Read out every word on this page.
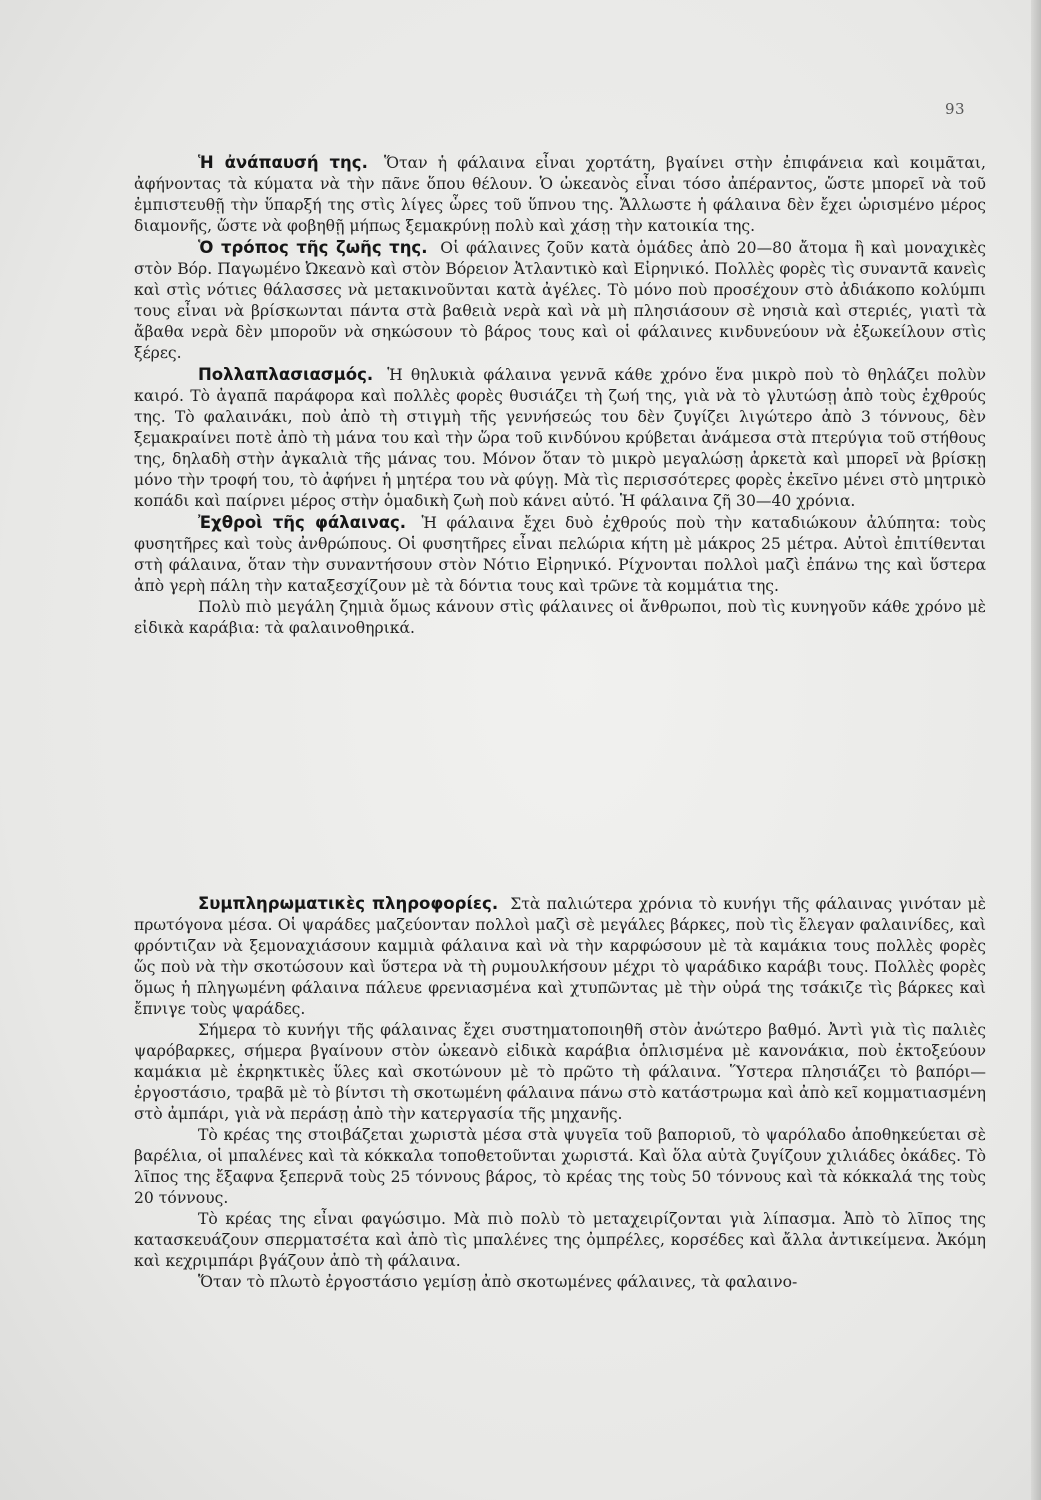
93

Ἡ ἀνάπαυσή της. Ὅταν ἡ φάλαινα εἶναι χορτάτη, βγαίνει στὴν ἐπιφάνεια καὶ κοιμᾶται, ἀφήνοντας τὰ κύματα νὰ τὴν πᾶνε ὅπου θέλουν. Ὁ ὠκεανὸς εἶναι τόσο ἀπέραντος, ὥστε μπορεῖ νὰ τοῦ ἐμπιστευθῇ τὴν ὕπαρξή της στὶς λίγες ὧρες τοῦ ὕπνου της. Ἄλλωστε ἡ φάλαινα δὲν ἔχει ὡρισμένο μέρος διαμονῆς, ὥστε νὰ φοβηθῇ μήπως ξεμακρύνῃ πολὺ καὶ χάσῃ τὴν κατοικία της.

Ὁ τρόπος τῆς ζωῆς της. Οἱ φάλαινες ζοῦν κατὰ ὁμάδες ἀπὸ 20—80 ἄτομα ἢ καὶ μοναχικὲς στὸν Βόρ. Παγωμένο Ὠκεανὸ καὶ στὸν Βόρειον Ἀτλαντικὸ καὶ Εἰρηνικό. Πολλὲς φορὲς τὶς συναντᾶ κανεὶς καὶ στὶς νότιες θάλασσες νὰ μετακινοῦνται κατὰ ἀγέλες. Τὸ μόνο ποὺ προσέχουν στὸ ἀδιάκοπο κολύμπι τους εἶναι νὰ βρίσκωνται πάντα στὰ βαθειὰ νερὰ καὶ νὰ μὴ πλησιάσουν σὲ νησιὰ καὶ στεριές, γιατὶ τὰ ἄβαθα νερὰ δὲν μποροῦν νὰ σηκώσουν τὸ βάρος τους καὶ οἱ φάλαινες κινδυνεύουν νὰ ἐξωκείλουν στὶς ξέρες.

Πολλαπλασιασμός. Ἡ θηλυκιὰ φάλαινα γεννᾶ κάθε χρόνο ἕνα μικρὸ ποὺ τὸ θηλάζει πολὺν καιρό. Τὸ ἀγαπᾶ παράφορα καὶ πολλὲς φορὲς θυσιάζει τὴ ζωή της, γιὰ νὰ τὸ γλυτώσῃ ἀπὸ τοὺς ἐχθρούς της. Τὸ φαλαινάκι, ποὺ ἀπὸ τὴ στιγμὴ τῆς γεννήσεώς του δὲν ζυγίζει λιγώτερο ἀπὸ 3 τόννους, δὲν ξεμακραίνει ποτὲ ἀπὸ τὴ μάνα του καὶ τὴν ὥρα τοῦ κινδύνου κρύβεται ἀνάμεσα στὰ πτερύγια τοῦ στήθους της, δηλαδὴ στὴν ἀγκαλιὰ τῆς μάνας του. Μόνον ὅταν τὸ μικρὸ μεγαλώσῃ ἀρκετὰ καὶ μπορεῖ νὰ βρίσκῃ μόνο τὴν τροφή του, τὸ ἀφήνει ἡ μητέρα του νὰ φύγῃ. Μὰ τὶς περισσότερες φορὲς ἐκεῖνο μένει στὸ μητρικὸ κοπάδι καὶ παίρνει μέρος στὴν ὁμαδικὴ ζωὴ ποὺ κάνει αὐτό. Ἡ φάλαινα ζῆ 30—40 χρόνια.

Ἐχθροὶ τῆς φάλαινας. Ἡ φάλαινα ἔχει δυὸ ἐχθρούς ποὺ τὴν καταδιώκουν ἀλύπητα: τοὺς φυσητῆρες καὶ τοὺς ἀνθρώπους. Οἱ φυσητῆρες εἶναι πελώρια κήτη μὲ μάκρος 25 μέτρα. Αὐτοὶ ἐπιτίθενται στὴ φάλαινα, ὅταν τὴν συναντήσουν στὸν Νότιο Εἰρηνικό. Ρίχνονται πολλοὶ μαζὶ ἐπάνω της καὶ ὕστερα ἀπὸ γερὴ πάλη τὴν καταξεσχίζουν μὲ τὰ δόντια τους καὶ τρῶνε τὰ κομμάτια της.

Πολὺ πιὸ μεγάλη ζημιὰ ὅμως κάνουν στὶς φάλαινες οἱ ἄνθρωποι, ποὺ τὶς κυνηγοῦν κάθε χρόνο μὲ εἰδικὰ καράβια: τὰ φαλαινοθηρικά.

Συμπληρωματικὲς πληροφορίες. Στὰ παλιώτερα χρόνια τὸ κυνήγι τῆς φάλαινας γινόταν μὲ πρωτόγονα μέσα. Οἱ ψαράδες μαζεύονταν πολλοὶ μαζὶ σὲ μεγάλες βάρκες, ποὺ τὶς ἔλεγαν φαλαινίδες, καὶ φρόντιζαν νὰ ξεμοναχιάσουν καμμιὰ φάλαινα καὶ νὰ τὴν καρφώσουν μὲ τὰ καμάκια τους πολλὲς φορὲς ὥς ποὺ νὰ τὴν σκοτώσουν καὶ ὕστερα νὰ τὴ ρυμουλκήσουν μέχρι τὸ ψαράδικο καράβι τους. Πολλὲς φορὲς ὅμως ἡ πληγωμένη φάλαινα πάλευε φρενιασμένα καὶ χτυπῶντας μὲ τὴν οὐρά της τσάκιζε τὶς βάρκες καὶ ἔπνιγε τοὺς ψαράδες.

Σήμερα τὸ κυνήγι τῆς φάλαινας ἔχει συστηματοποιηθῆ στὸν ἀνώτερο βαθμό. Ἀντὶ γιὰ τὶς παλιὲς ψαρόβαρκες, σήμερα βγαίνουν στὸν ὠκεανὸ εἰδικὰ καράβια ὁπλισμένα μὲ κανονάκια, ποὺ ἐκτοξεύουν καμάκια μὲ ἐκρηκτικὲς ὕλες καὶ σκοτώνουν μὲ τὸ πρῶτο τὴ φάλαινα. Ὕστερα πλησιάζει τὸ βαπόρι—ἐργοστάσιο, τραβᾶ μὲ τὸ βίντσι τὴ σκοτωμένη φάλαινα πάνω στὸ κατάστρωμα καὶ ἀπὸ κεῖ κομματιασμένη στὸ ἀμπάρι, γιὰ νὰ περάσῃ ἀπὸ τὴν κατεργασία τῆς μηχανῆς.

Τὸ κρέας της στοιβάζεται χωριστὰ μέσα στὰ ψυγεῖα τοῦ βαποριοῦ, τὸ ψαρόλαδο ἀποθηκεύεται σὲ βαρέλια, οἱ μπαλένες καὶ τὰ κόκκαλα τοποθετοῦνται χωριστά. Καὶ ὅλα αὐτὰ ζυγίζουν χιλιάδες ὀκάδες. Τὸ λῖπος της ἔξαφνα ξεπερνᾶ τοὺς 25 τόννους βάρος, τὸ κρέας της τοὺς 50 τόννους καὶ τὰ κόκκαλά της τοὺς 20 τόννους.

Τὸ κρέας της εἶναι φαγώσιμο. Μὰ πιὸ πολὺ τὸ μεταχειρίζονται γιὰ λίπασμα. Ἀπὸ τὸ λῖπος της κατασκευάζουν σπερματσέτα καὶ ἀπὸ τὶς μπαλένες της ὀμπρέλες, κορσέδες καὶ ἄλλα ἀντικείμενα. Ἀκόμη καὶ κεχριμπάρι βγάζουν ἀπὸ τὴ φάλαινα.

Ὅταν τὸ πλωτὸ ἐργοστάσιο γεμίσῃ ἀπὸ σκοτωμένες φάλαινες, τὰ φαλαινο-
